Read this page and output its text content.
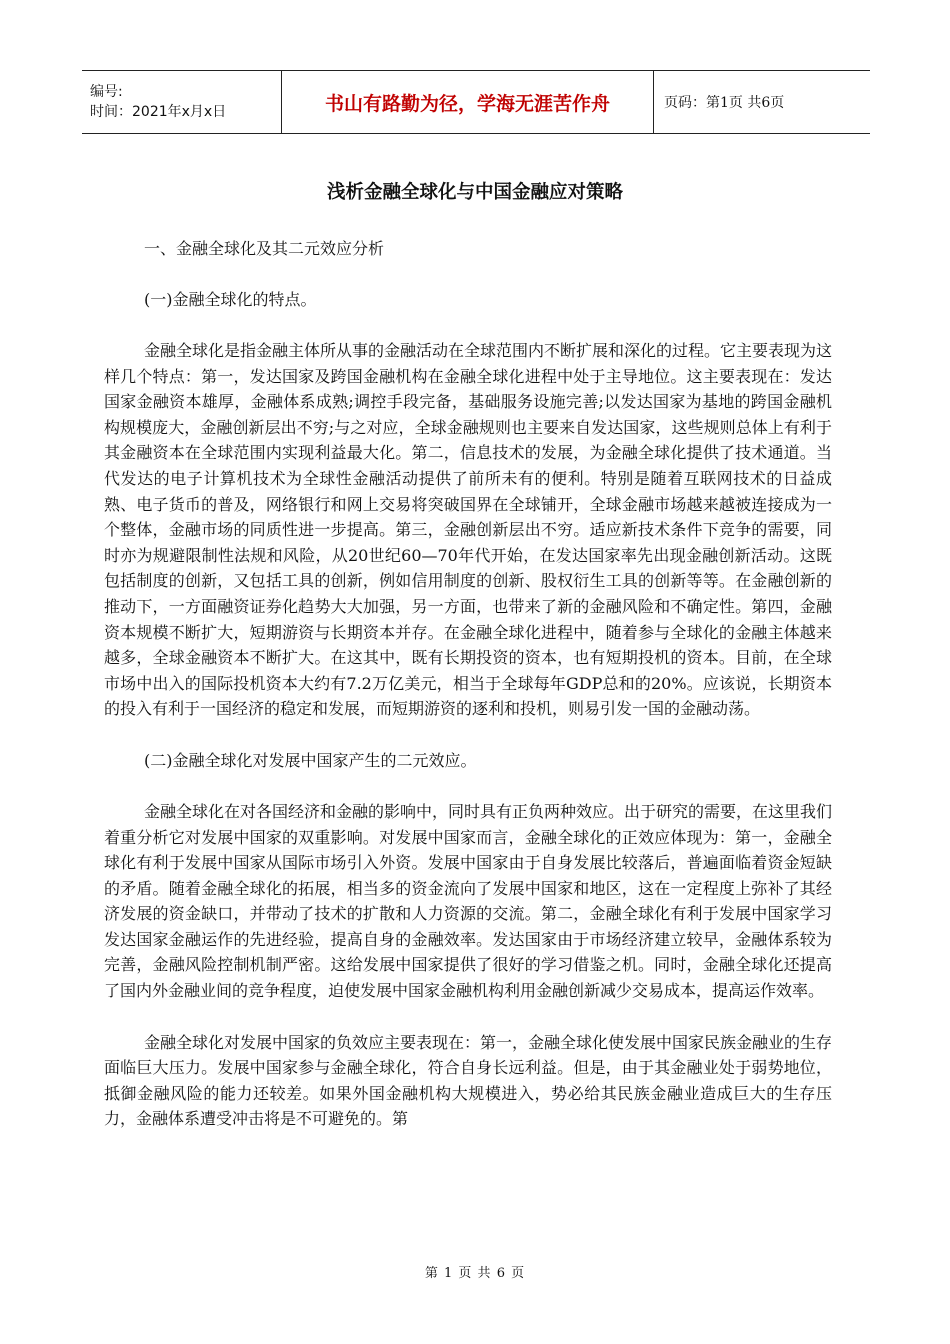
编号:
时间：2021年x月x日	书山有路勤为径，学海无涯苦作舟	页码：第1页 共6页
浅析金融全球化与中国金融应对策略

一、金融全球化及其二元效应分析

(一)金融全球化的特点。

金融全球化是指金融主体所从事的金融活动在全球范围内不断扩展和深化的过程。它主要表现为这样几个特点：第一，发达国家及跨国金融机构在金融全球化进程中处于主导地位。这主要表现在：发达国家金融资本雄厚，金融体系成熟;调控手段完备，基础服务设施完善;以发达国家为基地的跨国金融机构规模庞大，金融创新层出不穷;与之对应，全球金融规则也主要来自发达国家，这些规则总体上有利于其金融资本在全球范围内实现利益最大化。第二，信息技术的发展，为金融全球化提供了技术通道。当代发达的电子计算机技术为全球性金融活动提供了前所未有的便利。特别是随着互联网技术的日益成熟、电子货币的普及，网络银行和网上交易将突破国界在全球铺开，全球金融市场越来越被连接成为一个整体，金融市场的同质性进一步提高。第三，金融创新层出不穷。适应新技术条件下竞争的需要，同时亦为规避限制性法规和风险，从20世纪60—70年代开始，在发达国家率先出现金融创新活动。这既包括制度的创新，又包括工具的创新，例如信用制度的创新、股权衍生工具的创新等等。在金融创新的推动下，一方面融资证券化趋势大大加强，另一方面，也带来了新的金融风险和不确定性。第四，金融资本规模不断扩大，短期游资与长期资本并存。在金融全球化进程中，随着参与全球化的金融主体越来越多，全球金融资本不断扩大。在这其中，既有长期投资的资本，也有短期投机的资本。目前，在全球市场中出入的国际投机资本大约有7.2万亿美元，相当于全球每年GDP总和的20%。应该说，长期资本的投入有利于一国经济的稳定和发展，而短期游资的逐利和投机，则易引发一国的金融动荡。

(二)金融全球化对发展中国家产生的二元效应。

金融全球化在对各国经济和金融的影响中，同时具有正负两种效应。出于研究的需要，在这里我们着重分析它对发展中国家的双重影响。对发展中国家而言，金融全球化的正效应体现为：第一，金融全球化有利于发展中国家从国际市场引入外资。发展中国家由于自身发展比较落后，普遍面临着资金短缺的矛盾。随着金融全球化的拓展，相当多的资金流向了发展中国家和地区，这在一定程度上弥补了其经济发展的资金缺口，并带动了技术的扩散和人力资源的交流。第二，金融全球化有利于发展中国家学习发达国家金融运作的先进经验，提高自身的金融效率。发达国家由于市场经济建立较早，金融体系较为完善，金融风险控制机制严密。这给发展中国家提供了很好的学习借鉴之机。同时，金融全球化还提高了国内外金融业间的竞争程度，迫使发展中国家金融机构利用金融创新减少交易成本，提高运作效率。

金融全球化对发展中国家的负效应主要表现在：第一，金融全球化使发展中国家民族金融业的生存面临巨大压力。发展中国家参与金融全球化，符合自身长远利益。但是，由于其金融业处于弱势地位，抵御金融风险的能力还较差。如果外国金融机构大规模进入，势必给其民族金融业造成巨大的生存压力，金融体系遭受冲击将是不可避免的。第

第 1 页 共 6 页
